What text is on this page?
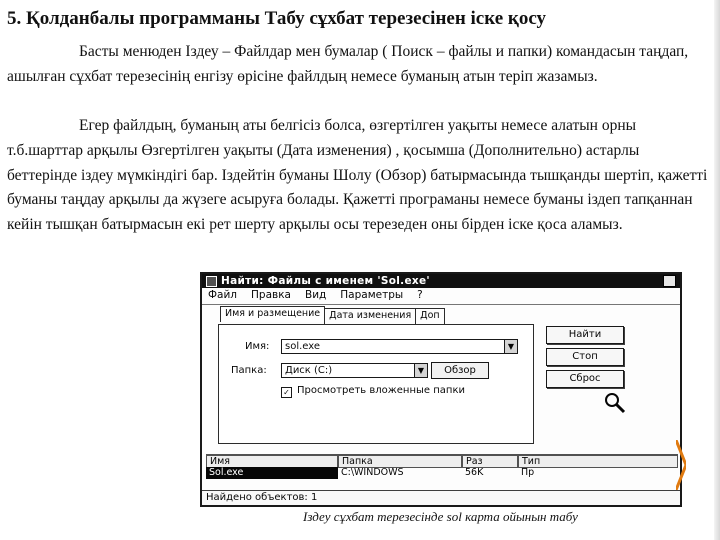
5. Қолданбалы программаны Табу сұхбат терезесінен іске қосу

Басты менюден Іздеу – Файлдар мен бумалар ( Поиск – файлы и папки) командасын таңдап, ашылған сұхбат терезесінің енгізу өрісіне файлдың немесе буманың атын теріп жазамыз.

Егер файлдың, буманың аты белгісіз болса, өзгертілген уақыты немесе алатын орны т.б.шарттар арқылы Өзгертілген уақыты (Дата изменения) , қосымша (Дополнительно) астарлы беттерінде іздеу мүмкіндігі бар. Іздейтін буманы Шолу (Обзор) батырмасында тышқанды шертіп, қажетті буманы таңдау арқылы да жүзеге асыруға болады. Қажетті програманы немесе буманы іздеп тапқаннан кейін тышқан батырмасын екі рет шерту арқылы осы терезеден оны бірден іске қоса аламыз.

Найти: Файлы с именем 'Sol.exe'
Файл Правка Вид Параметры ?
Имя и размещение Дата изменения Доп
Имя:	sol.exe	▼
Папка:	Диск (C:)	▼	Обзор
✓ Просмотреть вложенные папки
Найти
Стоп
Сброс
Имя	Папка	Раз	Тип
Sol.exe	C:\WINDOWS	56K	Пр
Найдено объектов: 1
Іздеу сұхбат терезесінде sol карта ойынын табу
